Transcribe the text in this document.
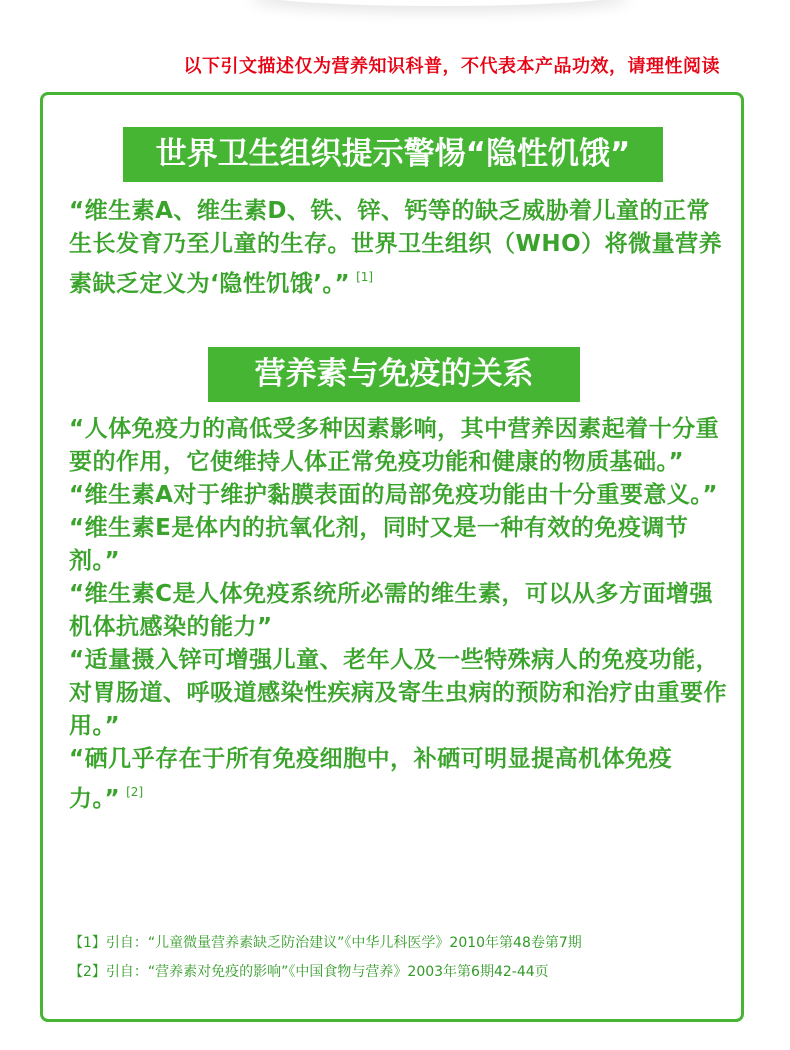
以下引文描述仅为营养知识科普，不代表本产品功效，请理性阅读
世界卫生组织提示警惕“隐性饥饿”

“维生素A、维生素D、铁、锌、钙等的缺乏威胁着儿童的正常生长发育乃至儿童的生存。世界卫生组织（WHO）将微量营养素缺乏定义为‘隐性饥饿’。” [1]

营养素与免疫的关系

“人体免疫力的高低受多种因素影响，其中营养因素起着十分重要的作用，它使维持人体正常免疫功能和健康的物质基础。”

“维生素A对于维护黏膜表面的局部免疫功能由十分重要意义。”

“维生素E是体内的抗氧化剂，同时又是一种有效的免疫调节剂。”

“维生素C是人体免疫系统所必需的维生素，可以从多方面增强机体抗感染的能力”

“适量摄入锌可增强儿童、老年人及一些特殊病人的免疫功能，对胃肠道、呼吸道感染性疾病及寄生虫病的预防和治疗由重要作用。”

“硒几乎存在于所有免疫细胞中，补硒可明显提高机体免疫力。” [2]

【1】引自：“儿童微量营养素缺乏防治建议”《中华儿科医学》2010年第48卷第7期
【2】引自：“营养素对免疫的影响”《中国食物与营养》2003年第6期42-44页
